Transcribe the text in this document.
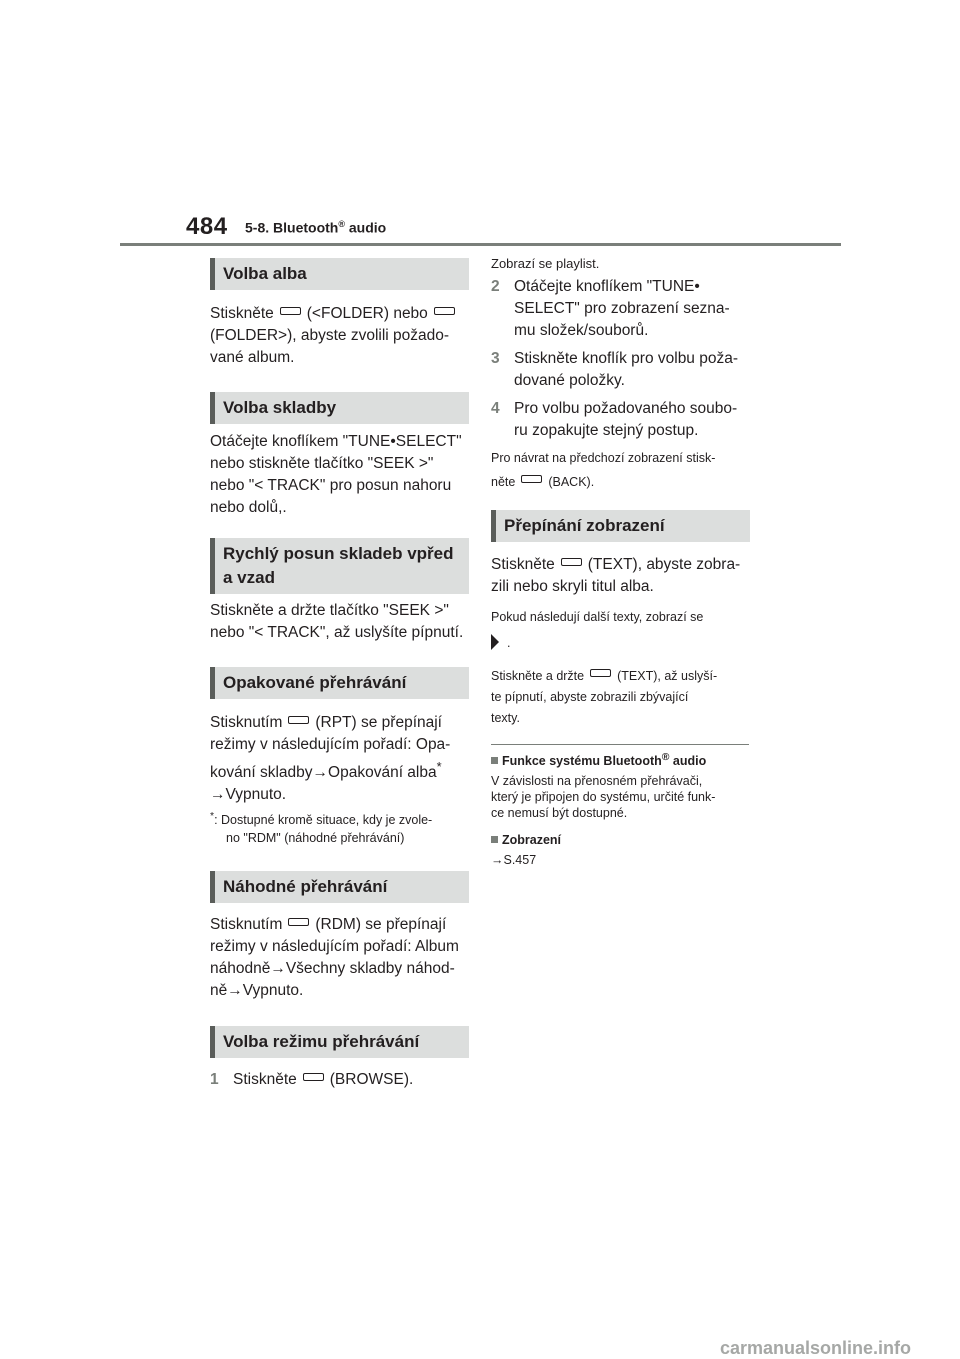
484 5-8. Bluetooth® audio
Volba alba
Stiskněte (<FOLDER) nebo
(FOLDER>), abyste zvolili požado-
vané album.
Volba skladby
Otáčejte knoflíkem "TUNE•SELECT"
nebo stiskněte tlačítko "SEEK >"
nebo "< TRACK" pro posun nahoru
nebo dolů,.
Rychlý posun skladeb vpřed
a vzad
Stiskněte a držte tlačítko "SEEK >"
nebo "< TRACK", až uslyšíte pípnutí.
Opakované přehrávání
Stisknutím (RPT) se přepínají
režimy v následujícím pořadí: Opa-
kování skladby→Opakování alba*
→Vypnuto.
*: Dostupné kromě situace, kdy je zvole-
no "RDM" (náhodné přehrávání)
Náhodné přehrávání
Stisknutím (RDM) se přepínají
režimy v následujícím pořadí: Album
náhodně→Všechny skladby náhod-
ně→Vypnuto.
Volba režimu přehrávání
1 Stiskněte (BROWSE).
Zobrazí se playlist.
2 Otáčejte knoflíkem "TUNE•
SELECT" pro zobrazení sezna-
mu složek/souborů.
3 Stiskněte knoflík pro volbu poža-
dované položky.
4 Pro volbu požadovaného soubo-
ru zopakujte stejný postup.
Pro návrat na předchozí zobrazení stisk-
něte	(BACK).
Přepínání zobrazení
Stiskněte (TEXT), abyste zobra-
zili nebo skryli titul alba.
Pokud následují další texty, zobrazí se
.
Stiskněte a držte	(TEXT), až uslyší-
te pípnutí, abyste zobrazili zbývající
texty.
Funkce systému Bluetooth® audio
V závislosti na přenosném přehrávači,
který je připojen do systému, určité funk-
ce nemusí být dostupné.
Zobrazení
→S.457
carmanualsonline.info
